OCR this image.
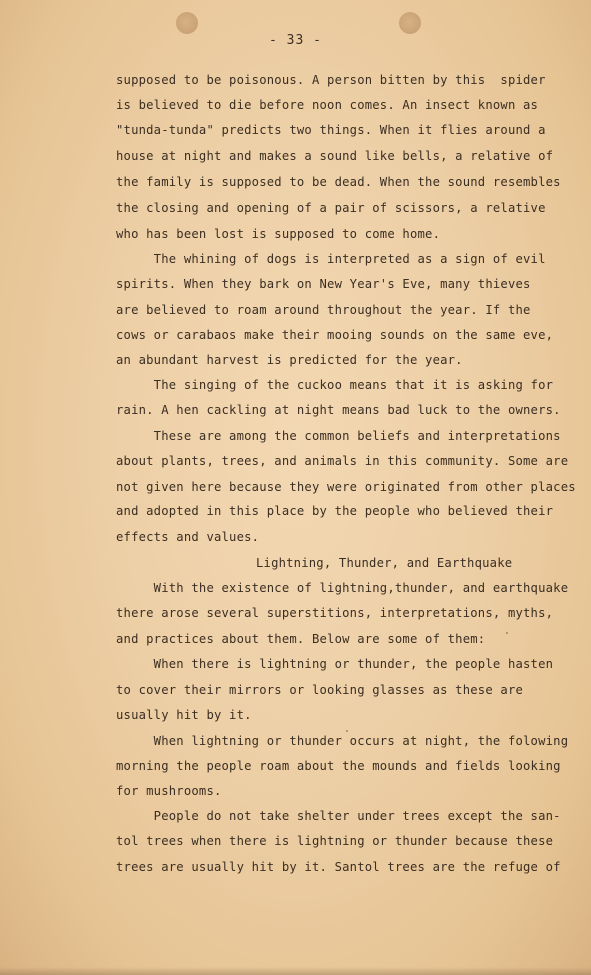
- 33 -
supposed to be poisonous. A person bitten by this  spider
is believed to die before noon comes. An insect known as
"tunda-tunda" predicts two things. When it flies around a
house at night and makes a sound like bells, a relative of
the family is supposed to be dead. When the sound resembles
the closing and opening of a pair of scissors, a relative
who has been lost is supposed to come home.
The whining of dogs is interpreted as a sign of evil
spirits. When they bark on New Year's Eve, many thieves
are believed to roam around throughout the year. If the
cows or carabaos make their mooing sounds on the same eve,
an abundant harvest is predicted for the year.
The singing of the cuckoo means that it is asking for
rain. A hen cackling at night means bad luck to the owners.
These are among the common beliefs and interpretations
about plants, trees, and animals in this community. Some are
not given here because they were originated from other places
and adopted in this place by the people who believed their
effects and values.
Lightning, Thunder, and Earthquake
With the existence of lightning,thunder, and earthquake
there arose several superstitions, interpretations, myths,
and practices about them. Below are some of them:
When there is lightning or thunder, the people hasten
to cover their mirrors or looking glasses as these are
usually hit by it.
When lightning or thunder occurs at night, the folowing
morning the people roam about the mounds and fields looking
for mushrooms.
People do not take shelter under trees except the san-
tol trees when there is lightning or thunder because these
trees are usually hit by it. Santol trees are the refuge of
